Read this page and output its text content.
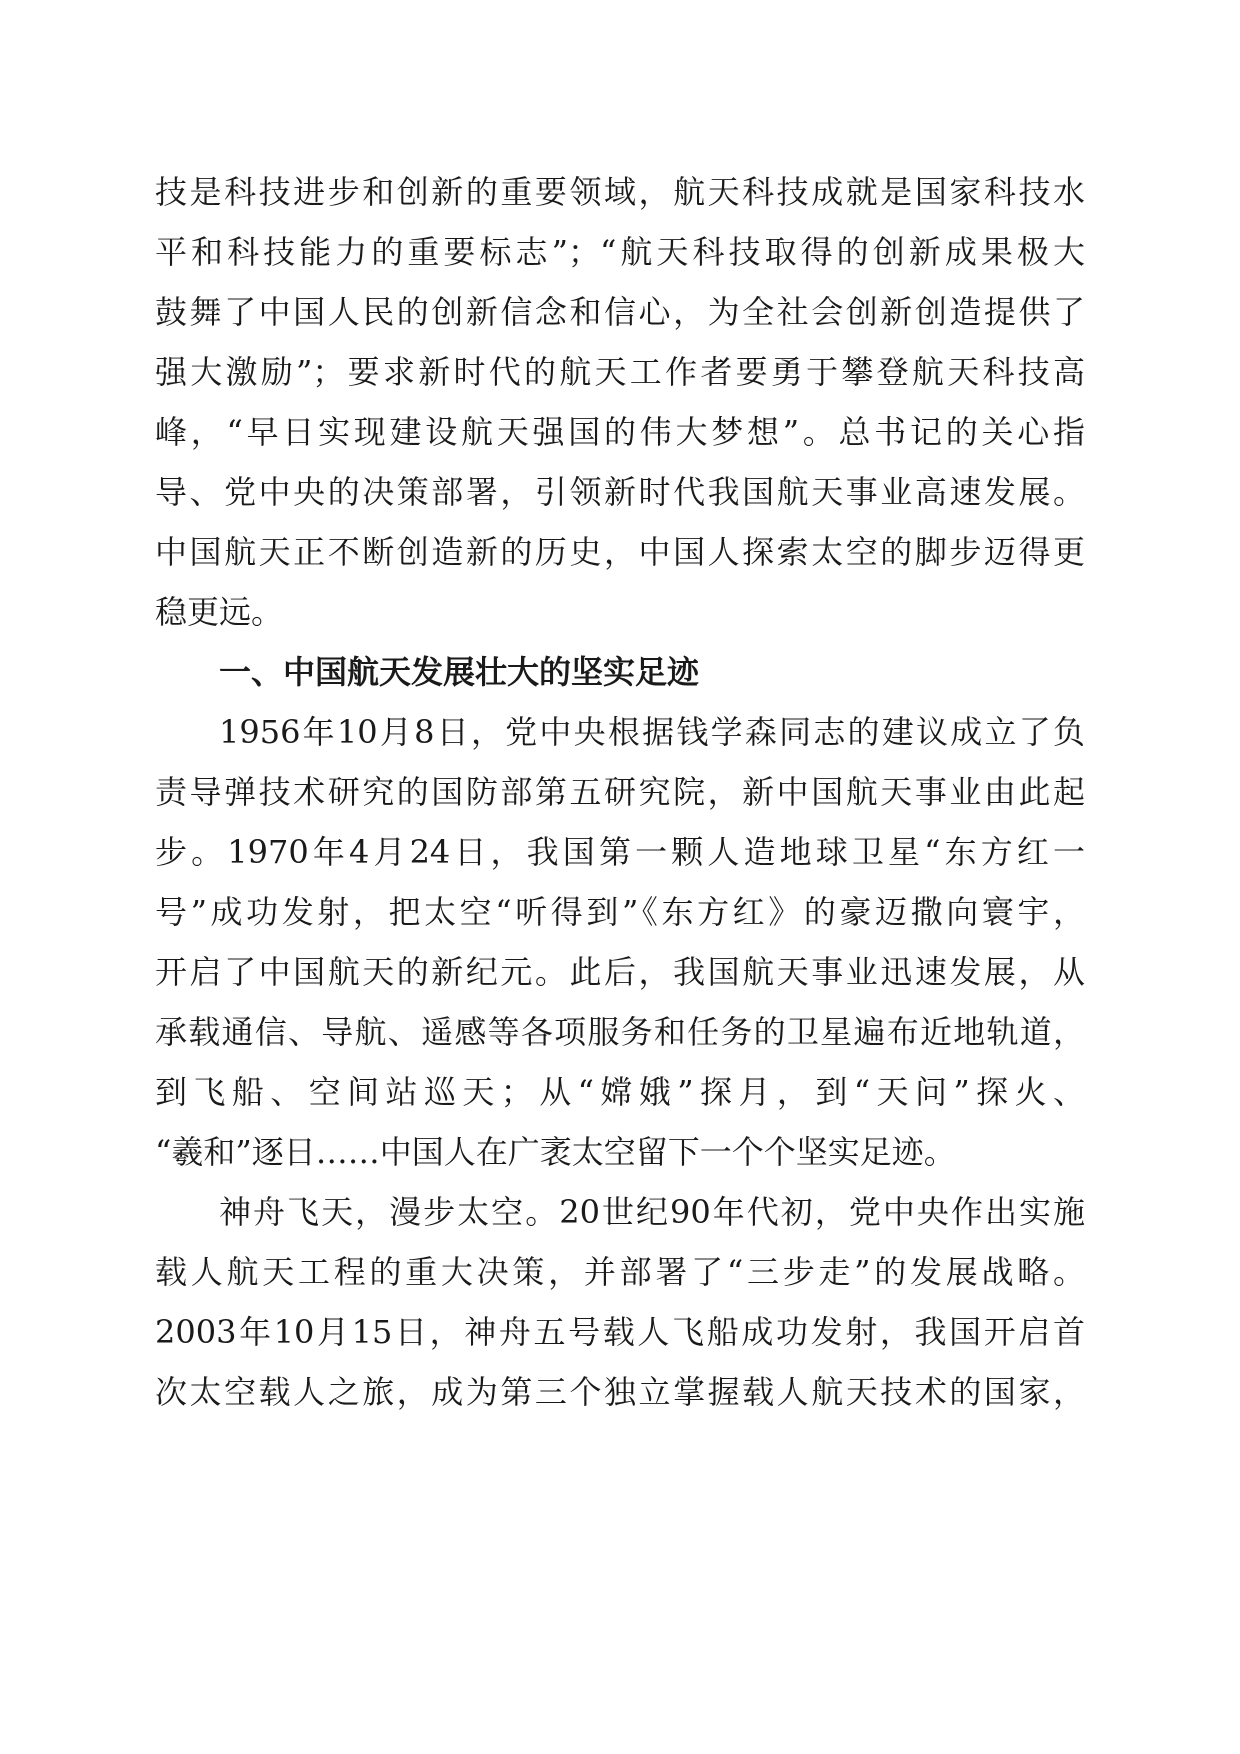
技是科技进步和创新的重要领域，航天科技成就是国家科技水
平和科技能力的重要标志”；“航天科技取得的创新成果极大
鼓舞了中国人民的创新信念和信心，为全社会创新创造提供了
强大激励”；要求新时代的航天工作者要勇于攀登航天科技高
峰，“早日实现建设航天强国的伟大梦想”。总书记的关心指
导、党中央的决策部署，引领新时代我国航天事业高速发展。
中国航天正不断创造新的历史，中国人探索太空的脚步迈得更
稳更远。
一、中国航天发展壮大的坚实足迹
1956年10月8日，党中央根据钱学森同志的建议成立了负
责导弹技术研究的国防部第五研究院，新中国航天事业由此起
步。1970年4月24日，我国第一颗人造地球卫星“东方红一
号”成功发射，把太空“听得到”《东方红》的豪迈撒向寰宇，
开启了中国航天的新纪元。此后，我国航天事业迅速发展，从
承载通信、导航、遥感等各项服务和任务的卫星遍布近地轨道，
到飞船、空间站巡天；从“嫦娥”探月，到“天问”探火、
“羲和”逐日……中国人在广袤太空留下一个个坚实足迹。
神舟飞天，漫步太空。20世纪90年代初，党中央作出实施
载人航天工程的重大决策，并部署了“三步走”的发展战略。
2003年10月15日，神舟五号载人飞船成功发射，我国开启首
次太空载人之旅，成为第三个独立掌握载人航天技术的国家，
